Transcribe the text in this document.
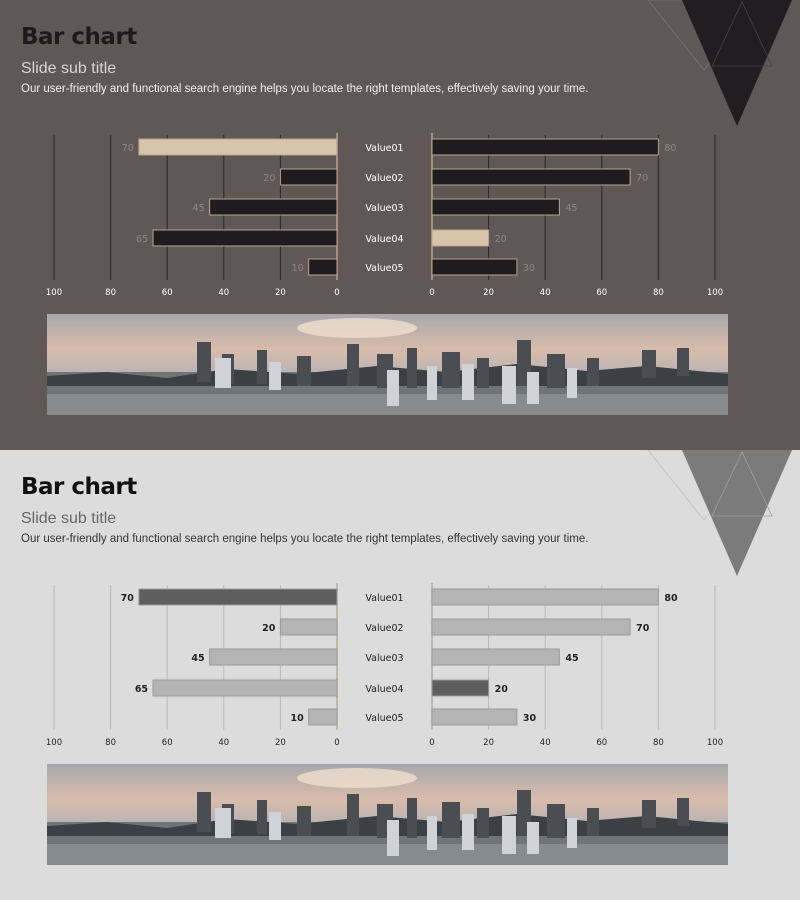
Bar chart
Slide sub title
Our user-friendly and functional search engine helps you locate the right templates, effectively saving your time.
70	80
Value01
20	70
Value02
45	45
Value03
65	20
Value04
10	30
Value05
100	80	60	40	20	0	0	20	40	60	80	100
Bar chart
Slide sub title
Our user-friendly and functional search engine helps you locate the right templates, effectively saving your time.
70	80
Value01
20	70
Value02
45	45
Value03
65	20
Value04
10	30
Value05
100	80	60	40	20	0	0	20	40	60	80	100
